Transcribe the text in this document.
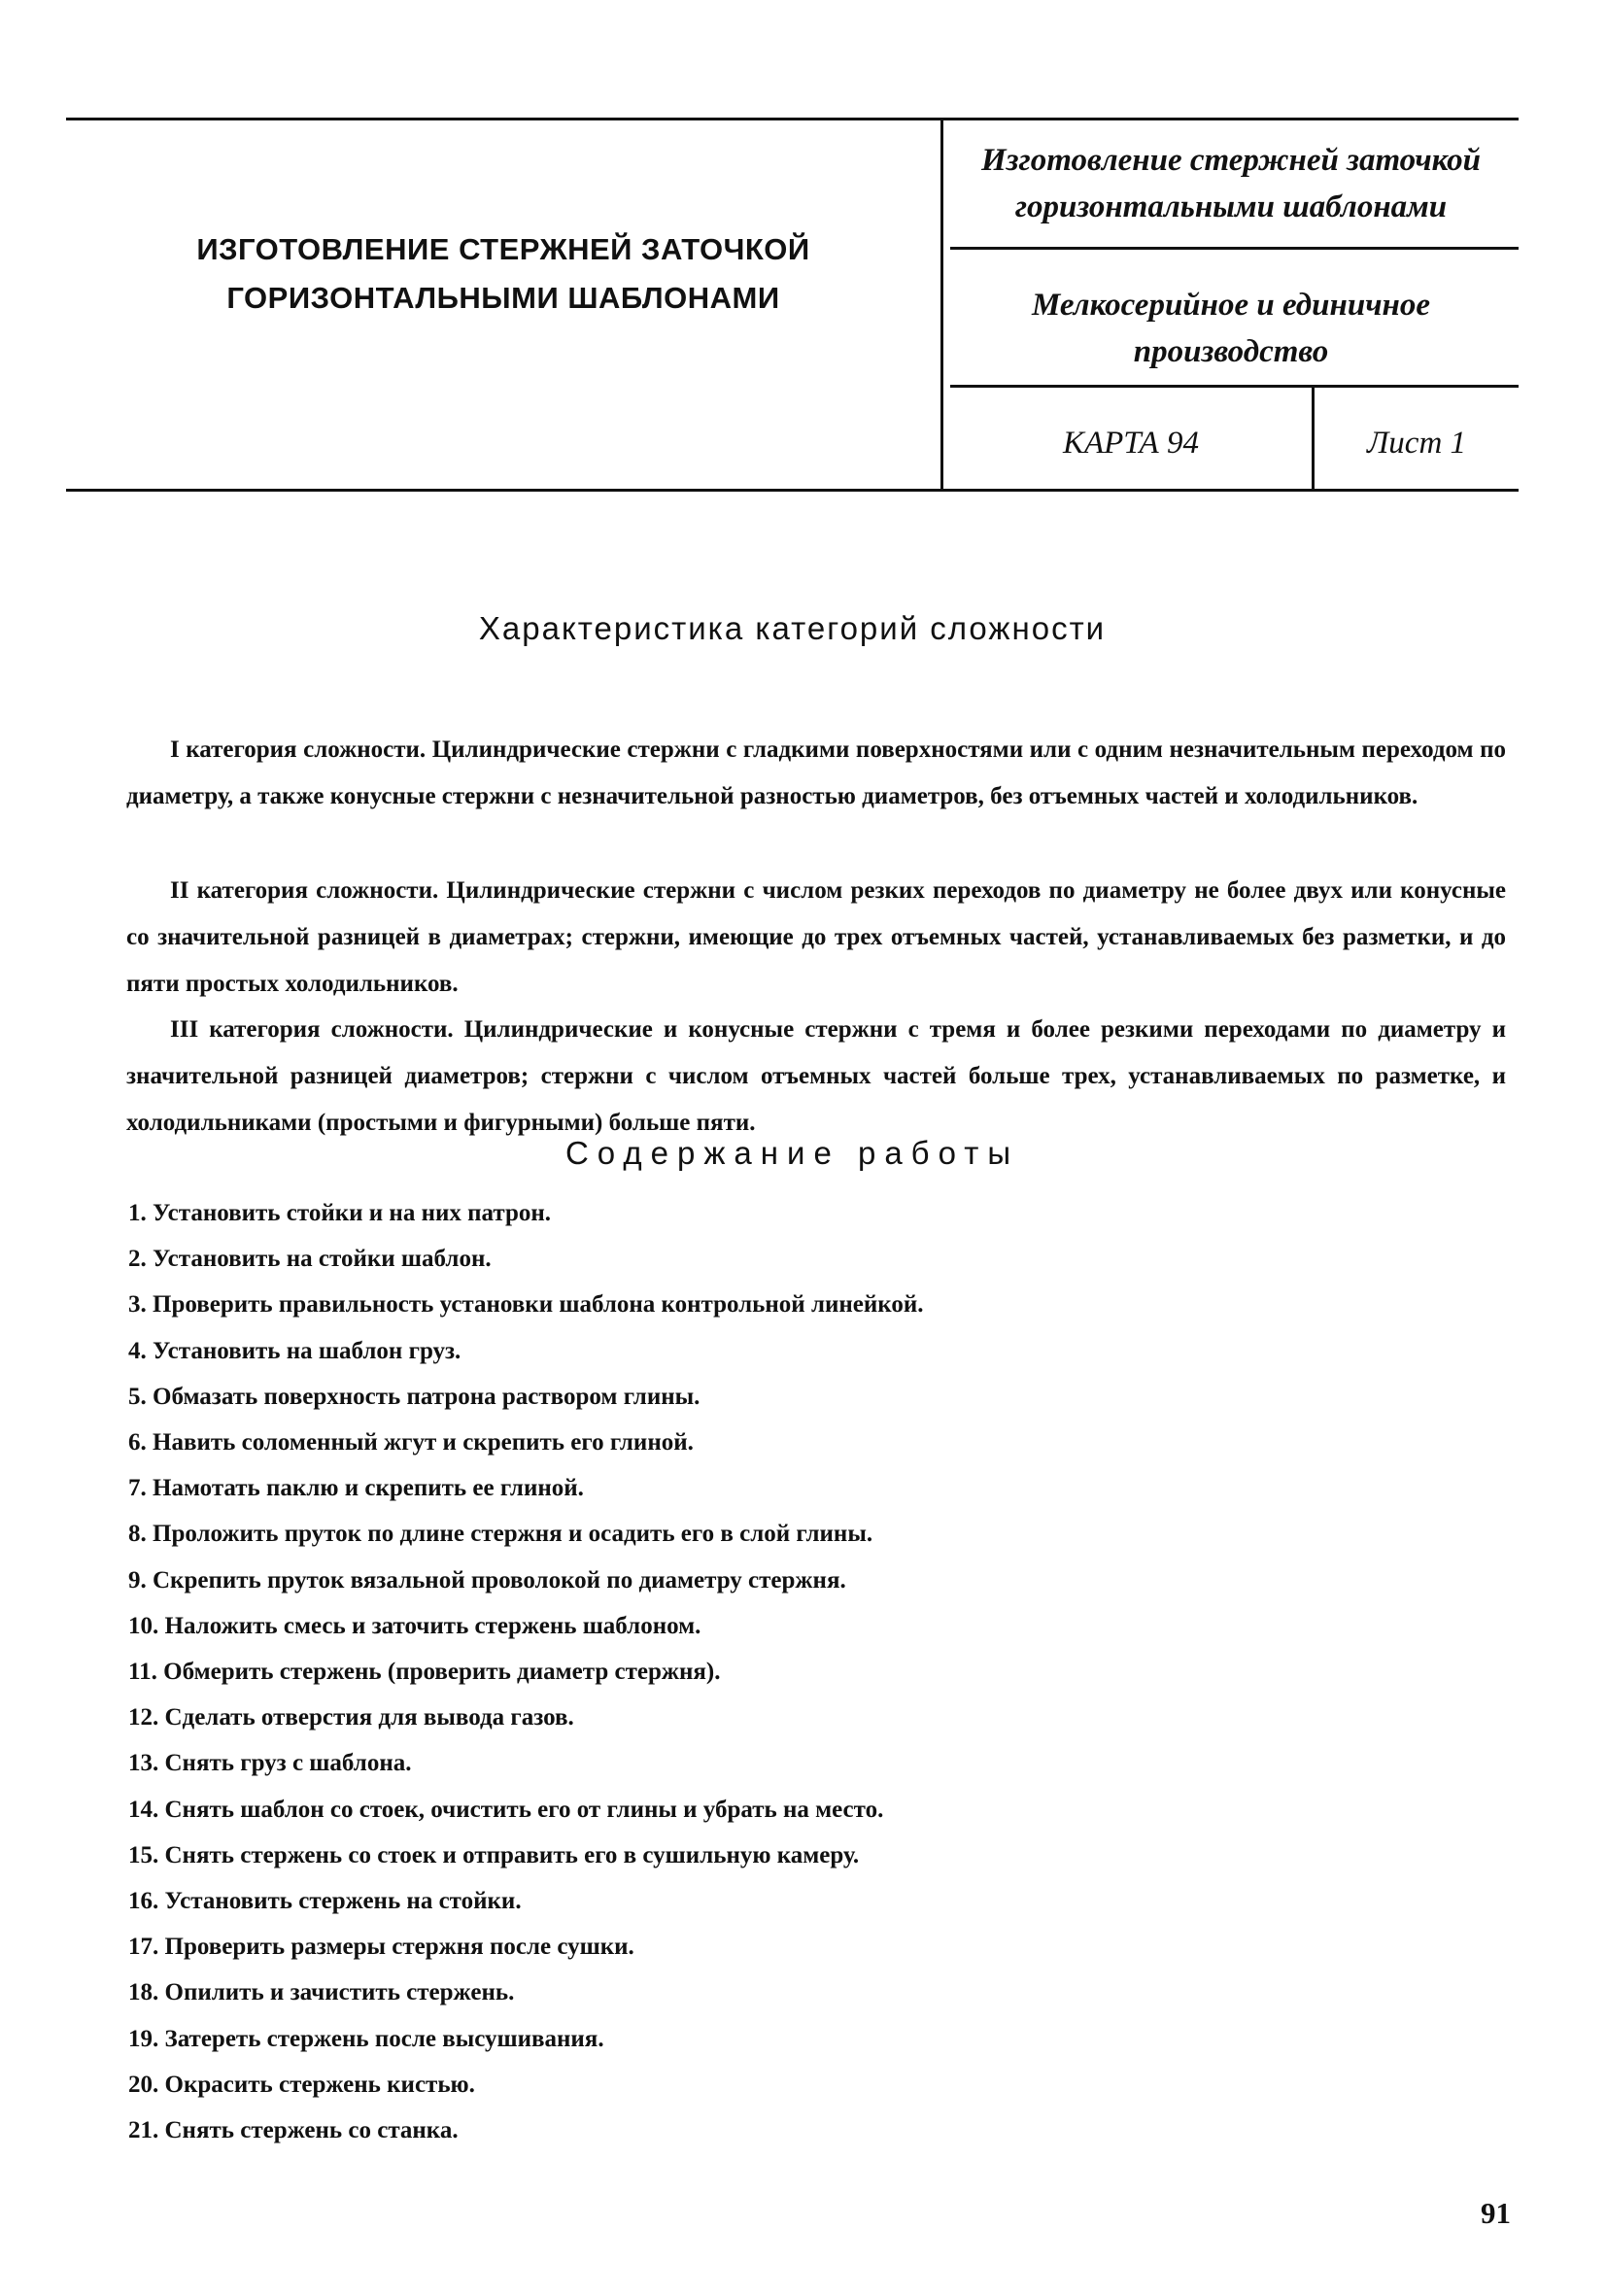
ИЗГОТОВЛЕНИЕ СТЕРЖНЕЙ ЗАТОЧКОЙ
ГОРИЗОНТАЛЬНЫМИ ШАБЛОНАМИ
Изготовление стержней заточкой
горизонтальными шаблонами
Мелкосерийное и единичное
производство
КАРТА 94	Лист 1
Характеристика категорий сложности

I категория сложности. Цилиндрические стержни с гладкими поверхностями или с одним незначительным переходом по диаметру, а также конусные стержни с незначительной разностью диаметров, без отъемных частей и холодильников.

II категория сложности. Цилиндрические стержни с числом резких переходов по диаметру не более двух или конусные со значительной разницей в диаметрах; стержни, имеющие до трех отъемных частей, устанавливаемых без разметки, и до пяти простых холодильников.

III категория сложности. Цилиндрические и конусные стержни с тремя и более резкими переходами по диаметру и значительной разницей диаметров; стержни с числом отъемных частей больше трех, устанавливаемых по разметке, и холодильниками (простыми и фигурными) больше пяти.

Содержание работы
1. Установить стойки и на них патрон.
2. Установить на стойки шаблон.
3. Проверить правильность установки шаблона контрольной линейкой.
4. Установить на шаблон груз.
5. Обмазать поверхность патрона раствором глины.
6. Навить соломенный жгут и скрепить его глиной.
7. Намотать паклю и скрепить ее глиной.
8. Проложить пруток по длине стержня и осадить его в слой глины.
9. Скрепить пруток вязальной проволокой по диаметру стержня.
10. Наложить смесь и заточить стержень шаблоном.
11. Обмерить стержень (проверить диаметр стержня).
12. Сделать отверстия для вывода газов.
13. Снять груз с шаблона.
14. Снять шаблон со стоек, очистить его от глины и убрать на место.
15. Снять стержень со стоек и отправить его в сушильную камеру.
16. Установить стержень на стойки.
17. Проверить размеры стержня после сушки.
18. Опилить и зачистить стержень.
19. Затереть стержень после высушивания.
20. Окрасить стержень кистью.
21. Снять стержень со станка.
91
